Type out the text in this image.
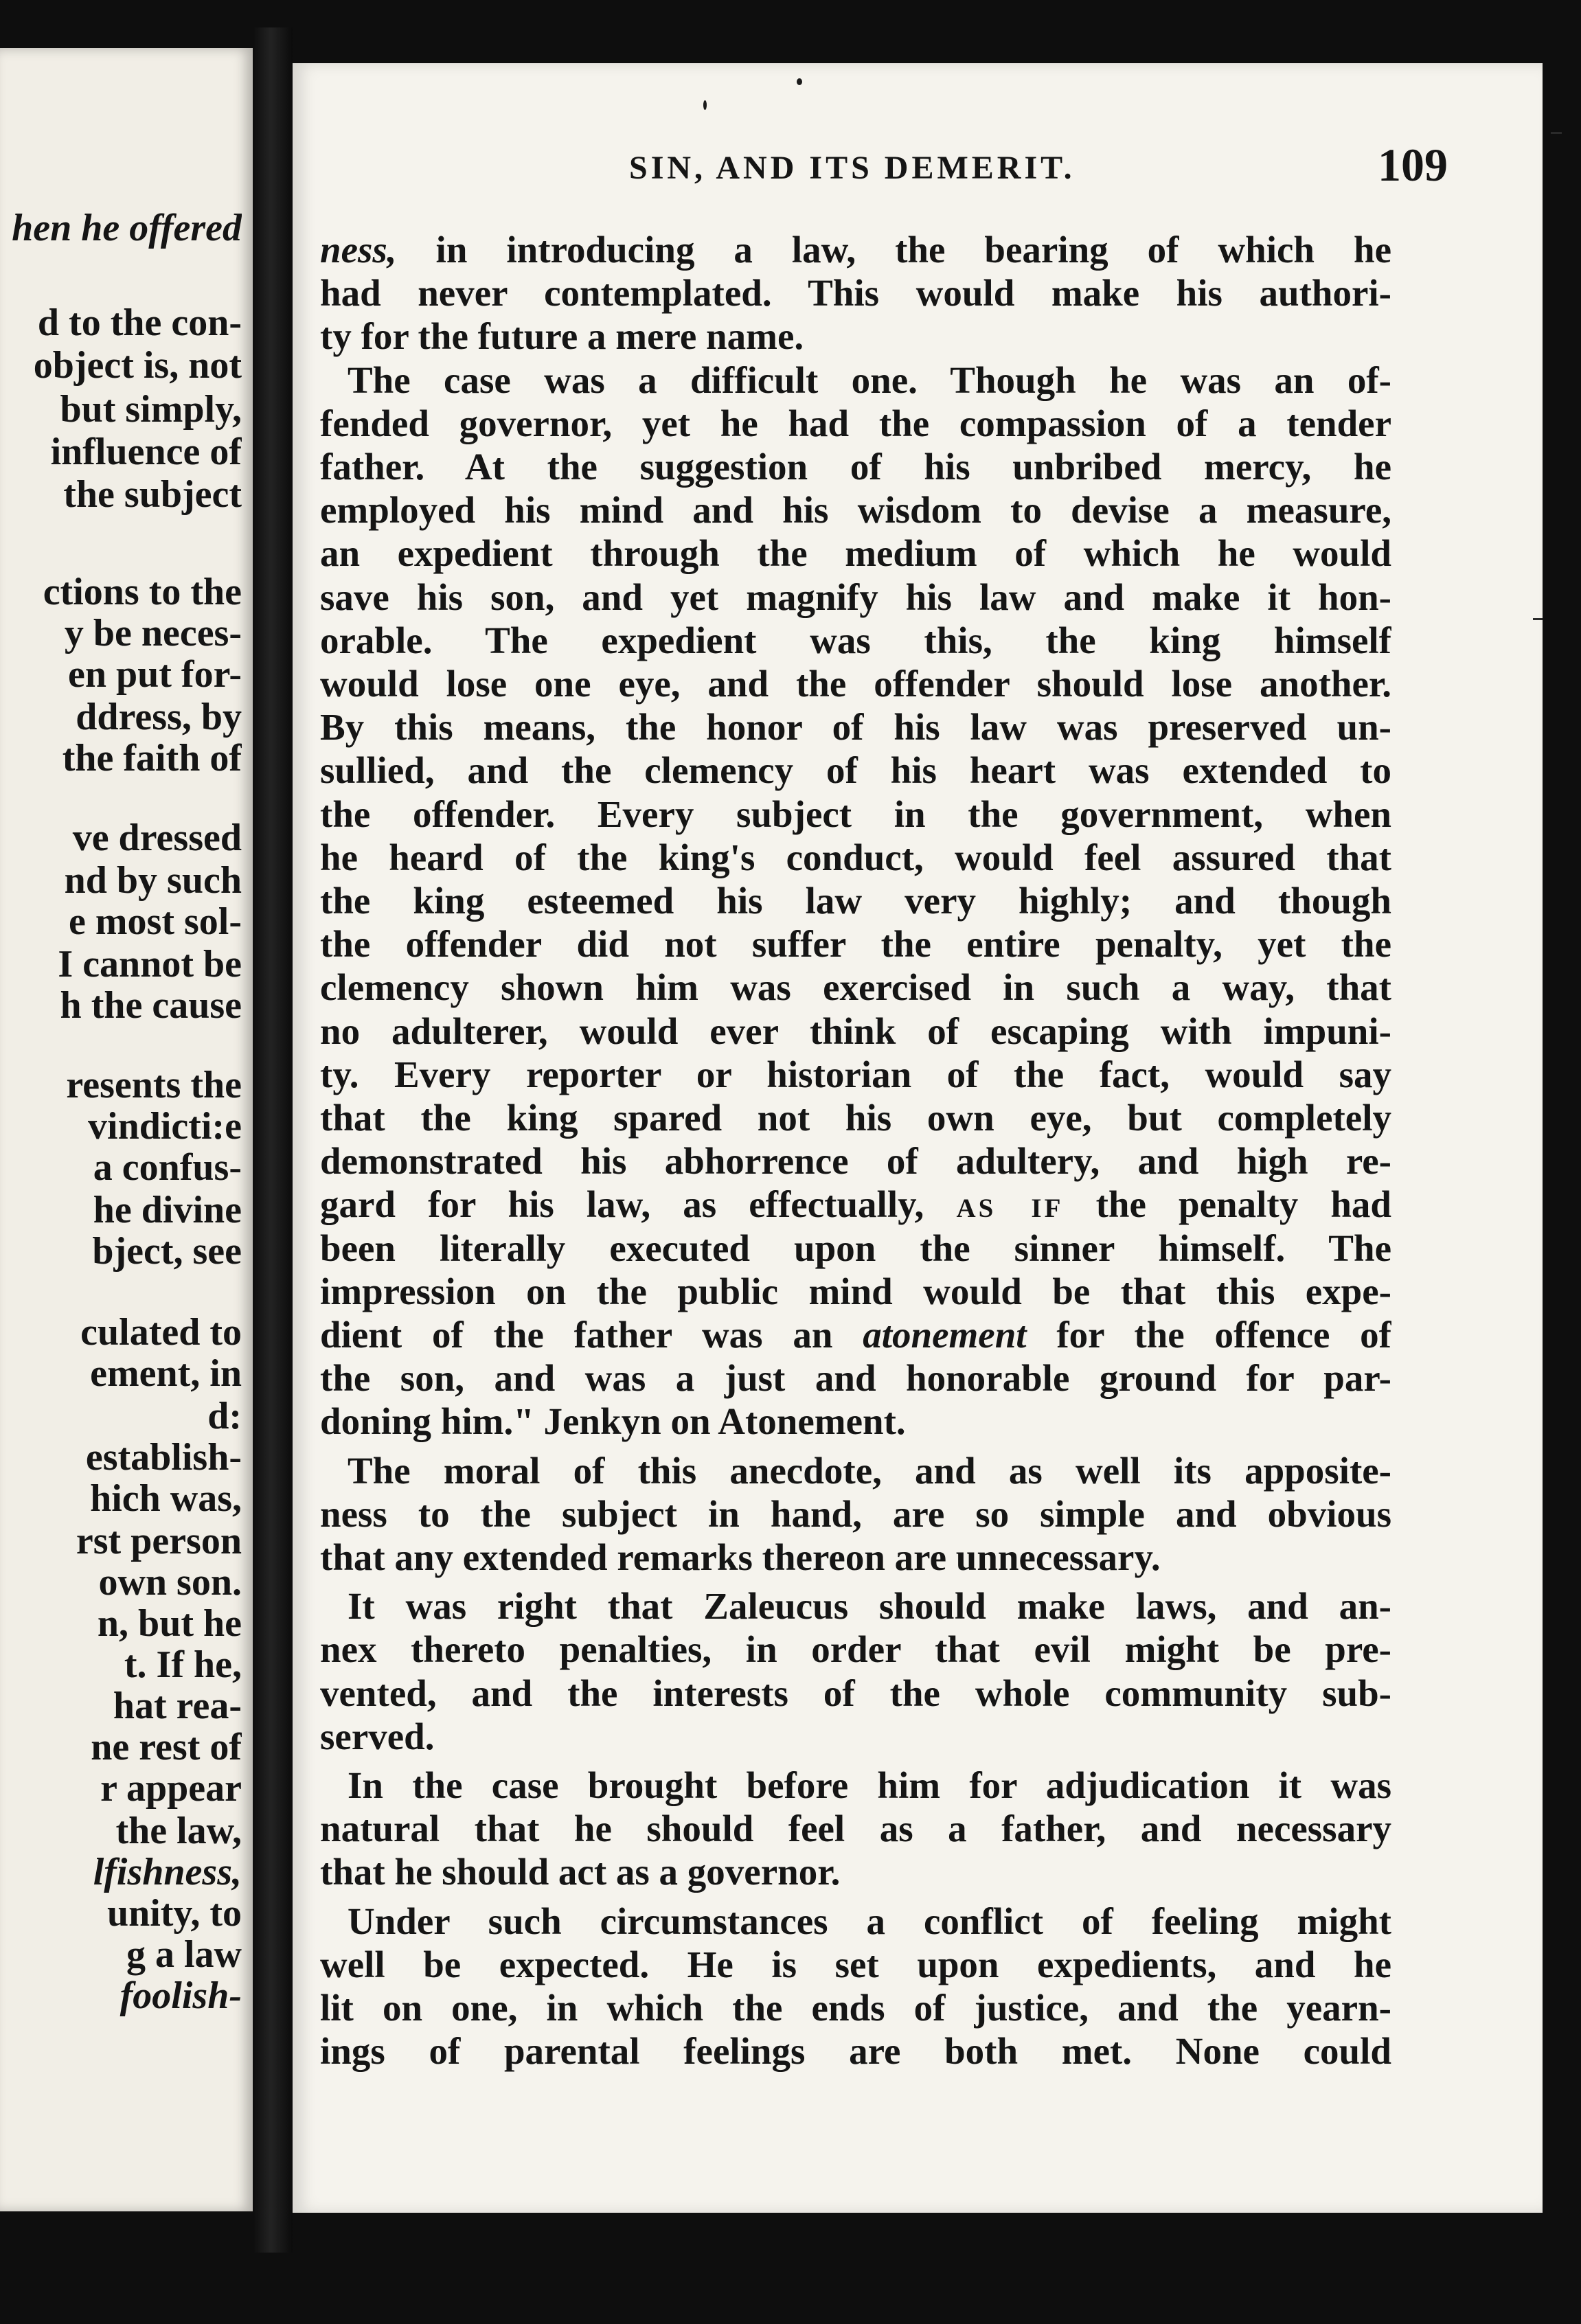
hen he offered
d to the con-
object is, not
but simply,
influence of
the subject
ctions to the
y be neces-
en put for-
ddress, by
the faith of
ve dressed
nd by such
e most sol-
I cannot be
h the cause
resents the
vindicti:e
a confus-
he divine
bject, see
culated to
ement, in
d:
establish-
hich was,
rst person
own son.
n, but he
t. If he,
hat rea-
ne rest of
r appear
the law,
lfishness,
unity, to
g a law
foolish-
SIN, AND ITS DEMERIT.	109
ness, in introducing a law, the bearing of which he
had never contemplated. This would make his authori-
ty for the future a mere name.
The case was a difficult one. Though he was an of-
fended governor, yet he had the compassion of a tender
father. At the suggestion of his unbribed mercy, he
employed his mind and his wisdom to devise a measure,
an expedient through the medium of which he would
save his son, and yet magnify his law and make it hon-
orable. The expedient was this, the king himself
would lose one eye, and the offender should lose another.
By this means, the honor of his law was preserved un-
sullied, and the clemency of his heart was extended to
the offender. Every subject in the government, when
he heard of the king's conduct, would feel assured that
the king esteemed his law very highly; and though
the offender did not suffer the entire penalty, yet the
clemency shown him was exercised in such a way, that
no adulterer, would ever think of escaping with impuni-
ty. Every reporter or historian of the fact, would say
that the king spared not his own eye, but completely
demonstrated his abhorrence of adultery, and high re-
gard for his law, as effectually, as if the penalty had
been literally executed upon the sinner himself. The
impression on the public mind would be that this expe-
dient of the father was an atonement for the offence of
the son, and was a just and honorable ground for par-
doning him." Jenkyn on Atonement.
The moral of this anecdote, and as well its apposite-
ness to the subject in hand, are so simple and obvious
that any extended remarks thereon are unnecessary.
It was right that Zaleucus should make laws, and an-
nex thereto penalties, in order that evil might be pre-
vented, and the interests of the whole community sub-
served.
In the case brought before him for adjudication it was
natural that he should feel as a father, and necessary
that he should act as a governor.
Under such circumstances a conflict of feeling might
well be expected. He is set upon expedients, and he
lit on one, in which the ends of justice, and the yearn-
ings of parental feelings are both met. None could
